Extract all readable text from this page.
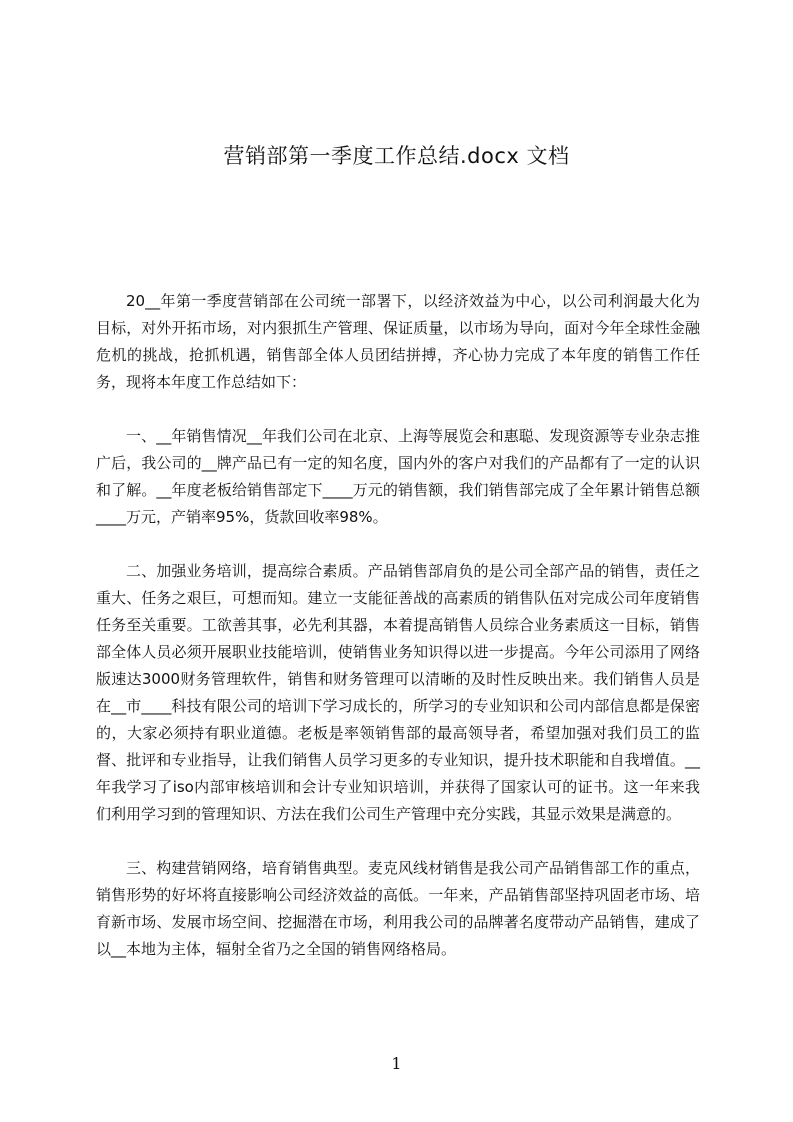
营销部第一季度工作总结.docx 文档

20__年第一季度营销部在公司统一部署下，以经济效益为中心，以公司利润最大化为目标，对外开拓市场，对内狠抓生产管理、保证质量，以市场为导向，面对今年全球性金融危机的挑战，抢抓机遇，销售部全体人员团结拼搏，齐心协力完成了本年度的销售工作任务，现将本年度工作总结如下：

一、__年销售情况__年我们公司在北京、上海等展览会和惠聪、发现资源等专业杂志推广后，我公司的__牌产品已有一定的知名度，国内外的客户对我们的产品都有了一定的认识和了解。__年度老板给销售部定下____万元的销售额，我们销售部完成了全年累计销售总额____万元，产销率95%，货款回收率98%。

二、加强业务培训，提高综合素质。产品销售部肩负的是公司全部产品的销售，责任之重大、任务之艰巨，可想而知。建立一支能征善战的高素质的销售队伍对完成公司年度销售任务至关重要。工欲善其事，必先利其器，本着提高销售人员综合业务素质这一目标，销售部全体人员必须开展职业技能培训，使销售业务知识得以进一步提高。今年公司添用了网络版速达3000财务管理软件，销售和财务管理可以清晰的及时性反映出来。我们销售人员是在__市____科技有限公司的培训下学习成长的，所学习的专业知识和公司内部信息都是保密的，大家必须持有职业道德。老板是率领销售部的最高领导者，希望加强对我们员工的监督、批评和专业指导，让我们销售人员学习更多的专业知识，提升技术职能和自我增值。__年我学习了iso内部审核培训和会计专业知识培训，并获得了国家认可的证书。这一年来我们利用学习到的管理知识、方法在我们公司生产管理中充分实践，其显示效果是满意的。

三、构建营销网络，培育销售典型。麦克风线材销售是我公司产品销售部工作的重点，销售形势的好坏将直接影响公司经济效益的高低。一年来，产品销售部坚持巩固老市场、培育新市场、发展市场空间、挖掘潜在市场，利用我公司的品牌著名度带动产品销售，建成了以__本地为主体，辐射全省乃之全国的销售网络格局。

1
